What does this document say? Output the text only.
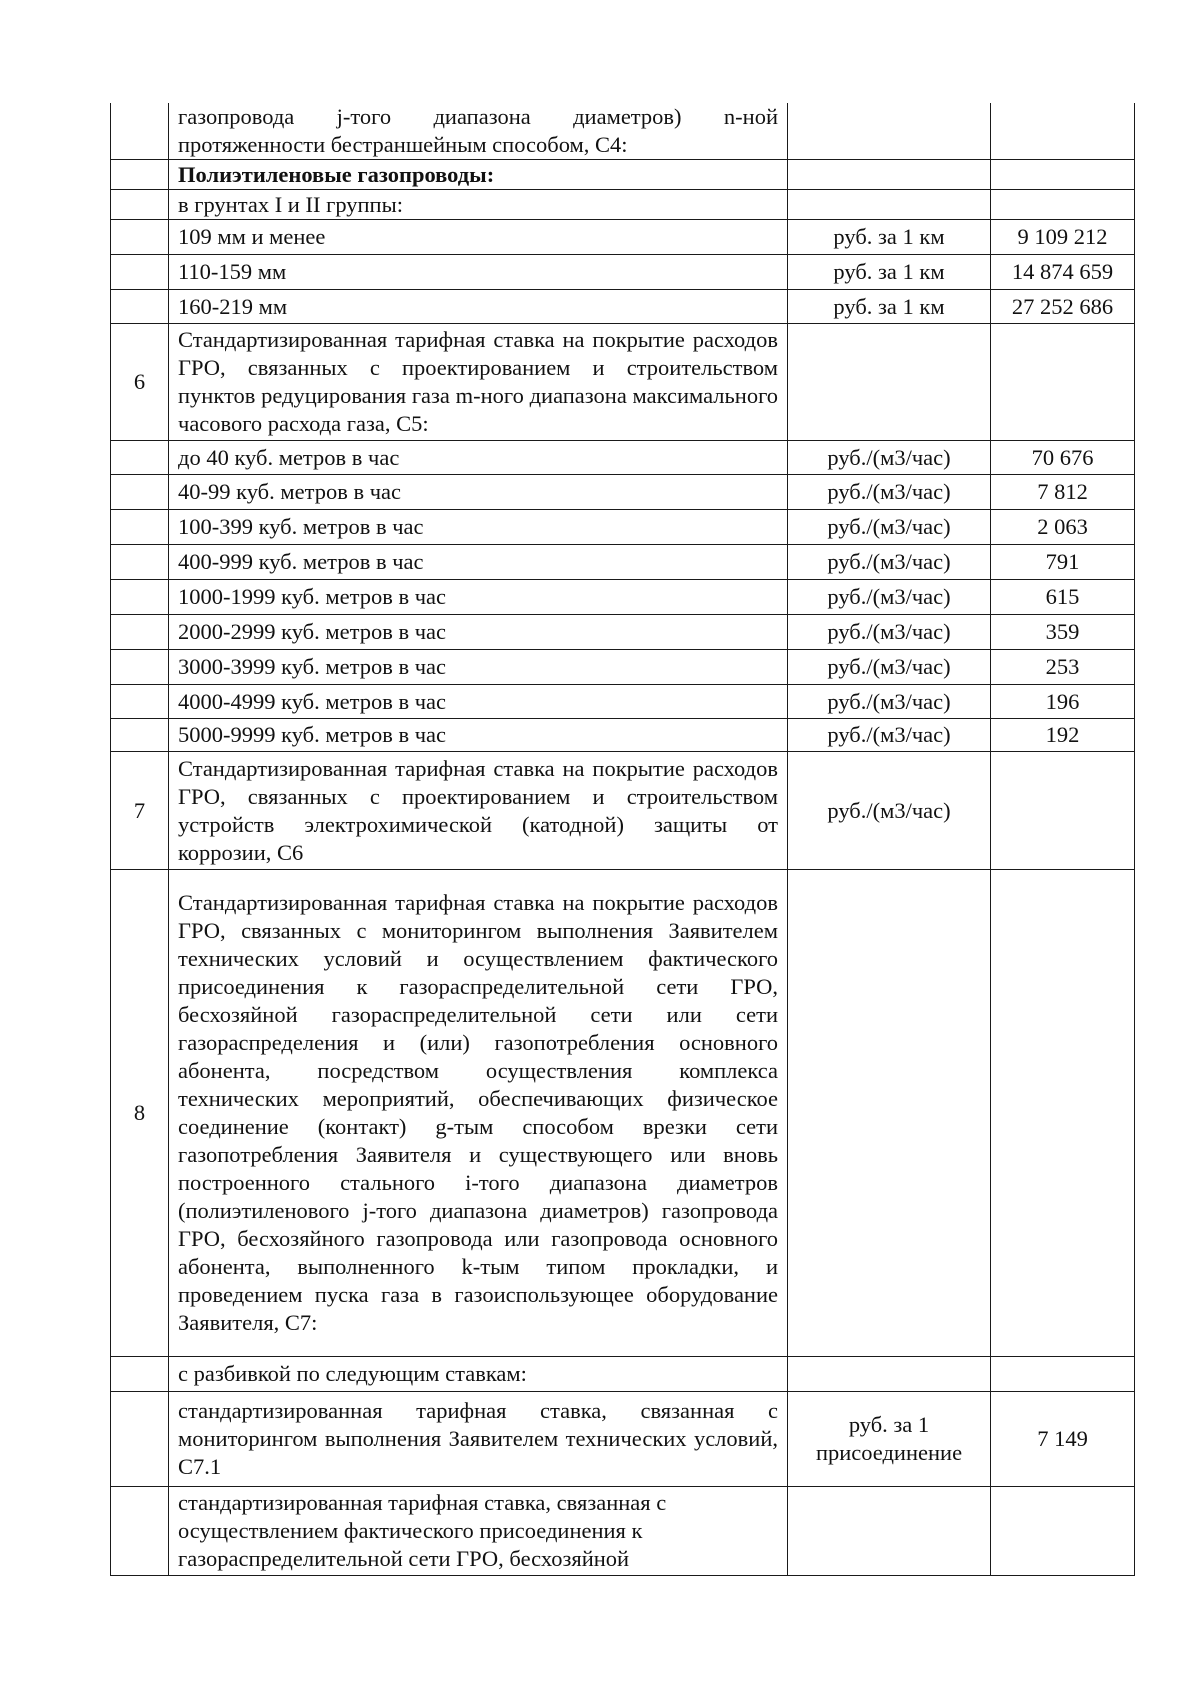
	газопровода j-того диапазона диаметров) n-ной протяженности бестраншейным способом, С4:		
	Полиэтиленовые газопроводы:		
	в грунтах I и II группы:		
	109 мм и менее	руб. за 1 км	9 109 212
	110-159 мм	руб. за 1 км	14 874 659
	160-219 мм	руб. за 1 км	27 252 686
6	Стандартизированная тарифная ставка на покрытие расходов ГРО, связанных с проектированием и строительством пунктов редуцирования газа m-ного диапазона максимального часового расхода газа, С5:		
	до 40 куб. метров в час	руб./(м3/час)	70 676
	40-99 куб. метров в час	руб./(м3/час)	7 812
	100-399 куб. метров в час	руб./(м3/час)	2 063
	400-999 куб. метров в час	руб./(м3/час)	791
	1000-1999 куб. метров в час	руб./(м3/час)	615
	2000-2999 куб. метров в час	руб./(м3/час)	359
	3000-3999 куб. метров в час	руб./(м3/час)	253
	4000-4999 куб. метров в час	руб./(м3/час)	196
	5000-9999 куб. метров в час	руб./(м3/час)	192
7	Стандартизированная тарифная ставка на покрытие расходов ГРО, связанных с проектированием и строительством устройств электрохимической (катодной) защиты от коррозии, С6	руб./(м3/час)	
8	Стандартизированная тарифная ставка на покрытие расходов ГРО, связанных с мониторингом выполнения Заявителем технических условий и осуществлением фактического присоединения к газораспределительной сети ГРО, бесхозяйной газораспределительной сети или сети газораспределения и (или) газопотребления основного абонента, посредством осуществления комплекса технических мероприятий, обеспечивающих физическое соединение (контакт) g-тым способом врезки сети газопотребления Заявителя и существующего или вновь построенного стального i-того диапазона диаметров (полиэтиленового j-того диапазона диаметров) газопровода ГРО, бесхозяйного газопровода или газопровода основного абонента, выполненного k-тым типом прокладки, и проведением пуска газа в газоиспользующее оборудование Заявителя, С7:		
	с разбивкой по следующим ставкам:		
	стандартизированная тарифная ставка, связанная с мониторингом выполнения Заявителем технических условий, С7.1	руб. за 1 присоединение	7 149
	стандартизированная тарифная ставка, связанная с осуществлением фактического присоединения к газораспределительной сети ГРО, бесхозяйной		
